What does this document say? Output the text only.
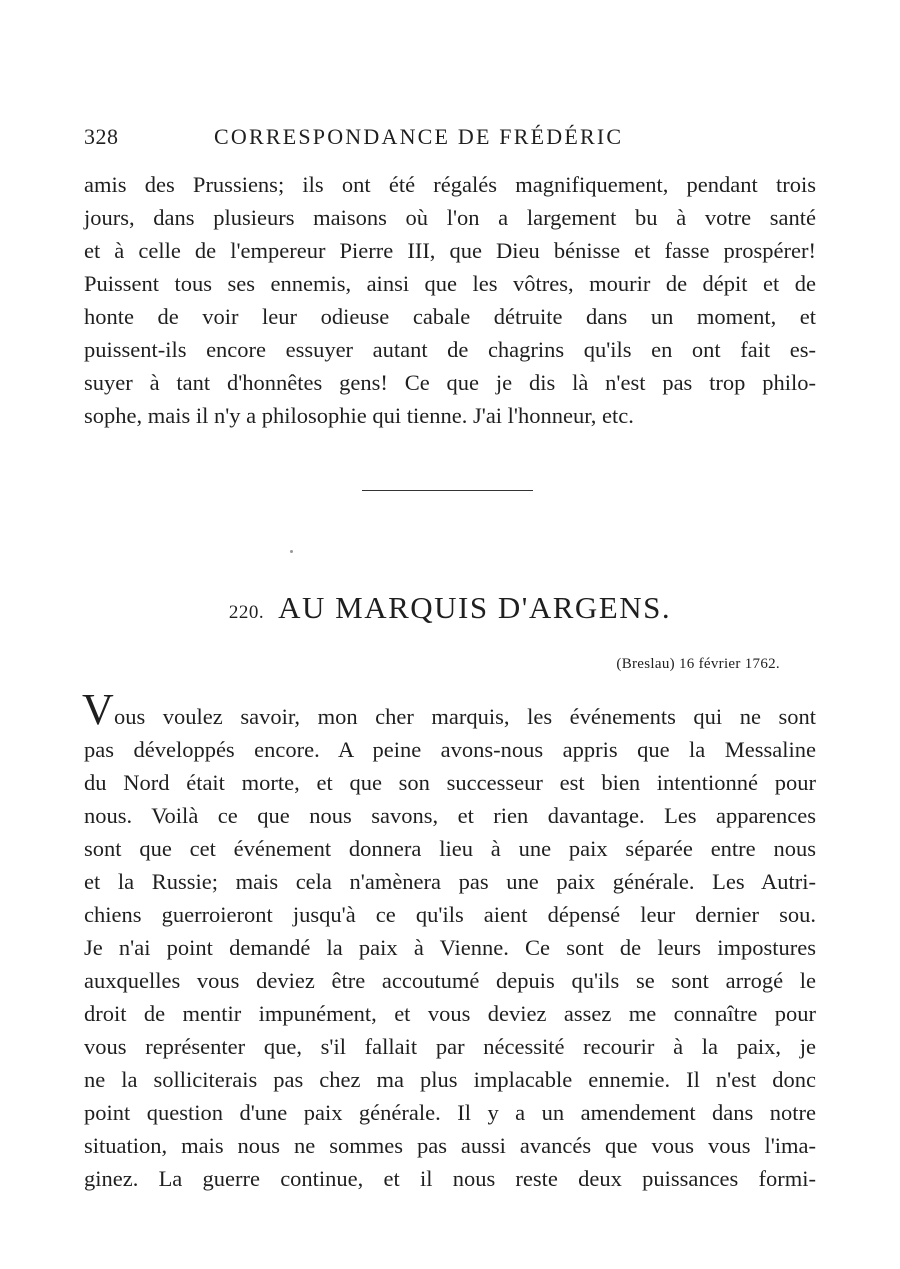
328	CORRESPONDANCE DE FRÉDÉRIC
amis des Prussiens; ils ont été régalés magnifiquement, pendant trois
jours, dans plusieurs maisons où l'on a largement bu à votre santé
et à celle de l'empereur Pierre III, que Dieu bénisse et fasse prospérer!
Puissent tous ses ennemis, ainsi que les vôtres, mourir de dépit et de
honte de voir leur odieuse cabale détruite dans un moment, et
puissent-ils encore essuyer autant de chagrins qu'ils en ont fait es-
suyer à tant d'honnêtes gens! Ce que je dis là n'est pas trop philo-
sophe, mais il n'y a philosophie qui tienne. J'ai l'honneur, etc.
220. AU MARQUIS D'ARGENS.
(Breslau) 16 février 1762.
V ous voulez savoir, mon cher marquis, les événements qui ne sont
pas développés encore. A peine avons-nous appris que la Messaline
du Nord était morte, et que son successeur est bien intentionné pour
nous. Voilà ce que nous savons, et rien davantage. Les apparences
sont que cet événement donnera lieu à une paix séparée entre nous
et la Russie; mais cela n'amènera pas une paix générale. Les Autri-
chiens guerroieront jusqu'à ce qu'ils aient dépensé leur dernier sou.
Je n'ai point demandé la paix à Vienne. Ce sont de leurs impostures
auxquelles vous deviez être accoutumé depuis qu'ils se sont arrogé le
droit de mentir impunément, et vous deviez assez me connaître pour
vous représenter que, s'il fallait par nécessité recourir à la paix, je
ne la solliciterais pas chez ma plus implacable ennemie. Il n'est donc
point question d'une paix générale. Il y a un amendement dans notre
situation, mais nous ne sommes pas aussi avancés que vous vous l'ima-
ginez. La guerre continue, et il nous reste deux puissances formi-
